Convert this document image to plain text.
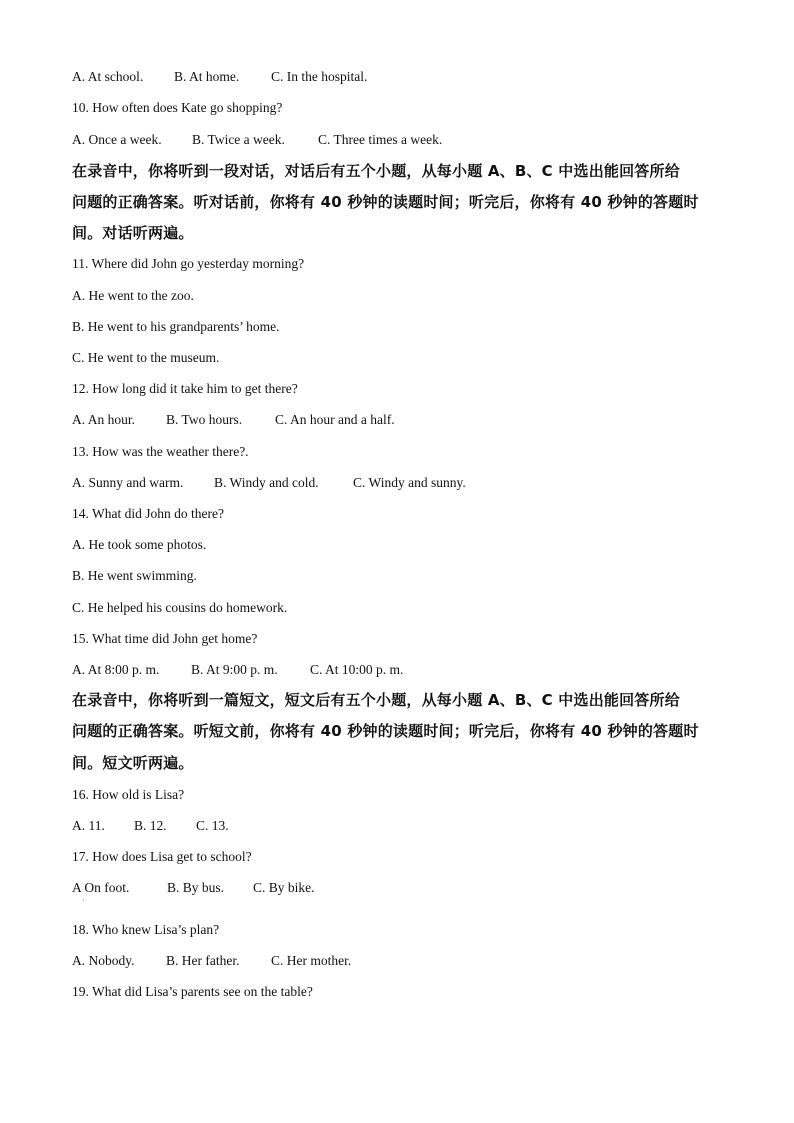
A. At school. B. At home. C. In the hospital.
10. How often does Kate go shopping?
A. Once a week. B. Twice a week. C. Three times a week.
在录音中，你将听到一段对话，对话后有五个小题，从每小题 A、B、C 中选出能回答所给
问题的正确答案。听对话前，你将有 40 秒钟的读题时间；听完后，你将有 40 秒钟的答题时
间。对话听两遍。
11. Where did John go yesterday morning?
A. He went to the zoo.
B. He went to his grandparents’ home.
C. He went to the museum.
12. How long did it take him to get there?
A. An hour. B. Two hours. C. An hour and a half.
13. How was the weather there?.
A. Sunny and warm. B. Windy and cold.	C. Windy and sunny.
14. What did John do there?
A. He took some photos.
B. He went swimming.
C. He helped his cousins do homework.
15. What time did John get home?
A. At 8:00 p. m. B. At 9:00 p. m. C. At 10:00 p. m.
在录音中，你将听到一篇短文，短文后有五个小题，从每小题 A、B、C 中选出能回答所给
问题的正确答案。听短文前，你将有 40 秒钟的读题时间；听完后，你将有 40 秒钟的答题时
间。短文听两遍。
16. How old is Lisa?
A. 11. B. 12. C. 13.
17. How does Lisa get to school?
A On foot.	B. By bus. C. By bike.
·
18. Who knew Lisa’s plan?
A. Nobody. B. Her father. C. Her mother.
19. What did Lisa’s parents see on the table?
